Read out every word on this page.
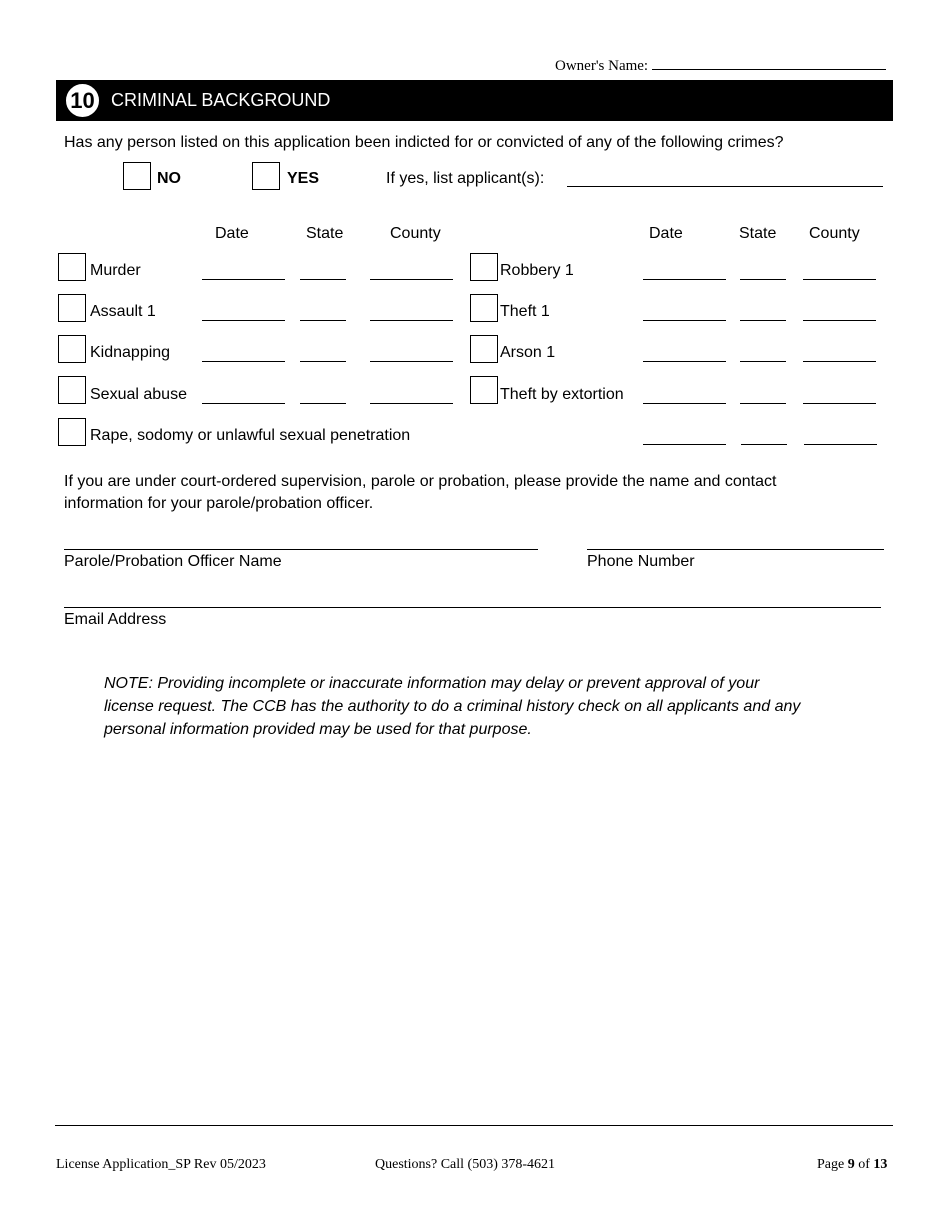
Owner's Name:
10 CRIMINAL BACKGROUND
Has any person listed on this application been indicted for or convicted of any of the following crimes?
NO	YES	If yes, list applicant(s):
Date	State	County	Date	State County
Murder	Robbery 1
Assault 1	Theft 1
Kidnapping	Arson 1
Sexual abuse	Theft by extortion
Rape, sodomy or unlawful sexual penetration
If you are under court-ordered supervision, parole or probation, please provide the name and contact
information for your parole/probation officer.
Parole/Probation Officer Name	Phone Number
Email Address
NOTE: Providing incomplete or inaccurate information may delay or prevent approval of your
license request. The CCB has the authority to do a criminal history check on all applicants and any
personal information provided may be used for that purpose.
License Application_SP Rev 05/2023	Questions? Call (503) 378-4621	Page 9 of 13
